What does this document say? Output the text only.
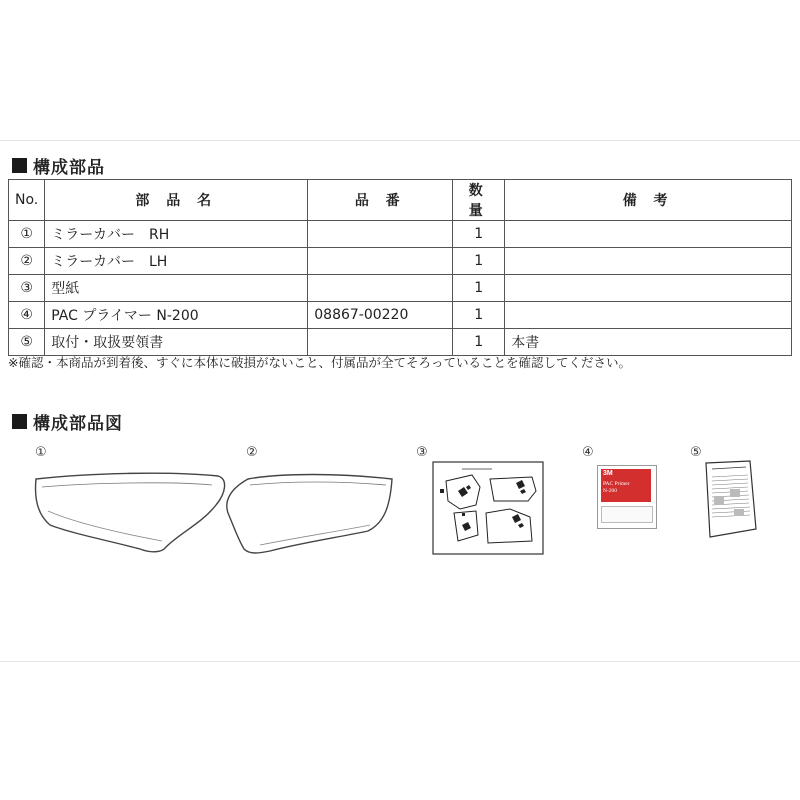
構成部品
No.	部 品 名	品 番	数 量	備 考
①	ミラーカバー　RH		1	
②	ミラーカバー　LH		1	
③	型紙		1	
④	PAC プライマー N-200	08867-00220	1	
⑤	取付・取扱要領書		1	本書
※確認・本商品が到着後、すぐに本体に破損がないこと、付属品が全てそろっていることを確認してください。
構成部品図
①	②	③	④	⑤
3M
PAC Primer
N-200
